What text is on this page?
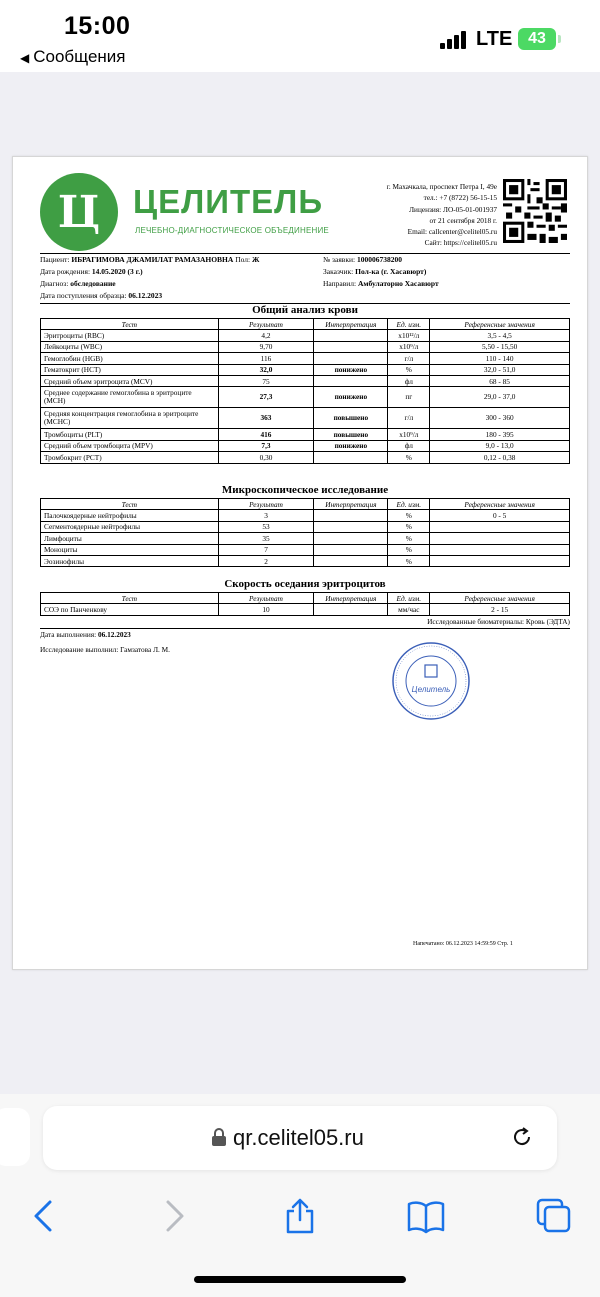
15:00
◀ Сообщения
LTE 43
Ц ЦЕЛИТЕЛЬ
ЛЕЧЕБНО-ДИАГНОСТИЧЕСКОЕ ОБЪЕДИНЕНИЕ
г. Махачкала, проспект Петра I, 49е
тел.: +7 (8722) 56-15-15
Лицензия: ЛО-05-01-001937
от 21 сентября 2018 г.
Email: callcenter@celitel05.ru
Сайт: https://celitel05.ru
Пациент: ИБРАГИМОВА ДЖАМИЛАТ РАМАЗАНОВНА Пол: Ж
Дата рождения: 14.05.2020 (3 г.)
Диагноз: обследование
Дата поступления образца: 06.12.2023
№ заявки: 100006738200
Заказчик: Пол-ка (г. Хасавюрт)
Направил: Амбулаторно Хасавюрт
Общий анализ крови
Тест	Результат	Интерпретация	Ед. изм.	Референсные значения
Эритроциты (RBC)	4,2		x10¹²/л	3,5 - 4,5
Лейкоциты (WBC)	9,70		x10⁹/л	5,50 - 15,50
Гемоглобин (HGB)	116		г/л	110 - 140
Гематокрит (HCT)	32,0	понижено	%	32,0 - 51,0
Средний объем эритроцита (MCV)	75		фл	68 - 85
Среднее содержание гемоглобина в эритроците (MCH)	27,3	понижено	пг	29,0 - 37,0
Средняя концентрация гемоглобина в эритроците (MCHC)	363	повышено	г/л	300 - 360
Тромбоциты (PLT)	416	повышено	x10⁹/л	180 - 395
Средний объем тромбоцита (MPV)	7,3	понижено	фл	9,0 - 13,0
Тромбокрит (PCT)	0,30		%	0,12 - 0,38
Микроскопическое исследование
Тест	Результат	Интерпретация	Ед. изм.	Референсные значения
Палочкоядерные нейтрофилы	3		%	0 - 5
Сегментоядерные нейтрофилы	53		%	
Лимфоциты	35		%	
Моноциты	7		%	
Эозинофилы	2		%	
Скорость оседания эритроцитов
Тест	Результат	Интерпретация	Ед. изм.	Референсные значения
СОЭ по Панченкову	10		мм/час	2 - 15
Исследованные биоматериалы: Кровь (ЭДТА)
Дата выполнения: 06.12.2023
Исследование выполнил: Гамзатова Л. М.
Целитель
Напечатано: 06.12.2023 14:59:59 Стр. 1
qr.celitel05.ru
